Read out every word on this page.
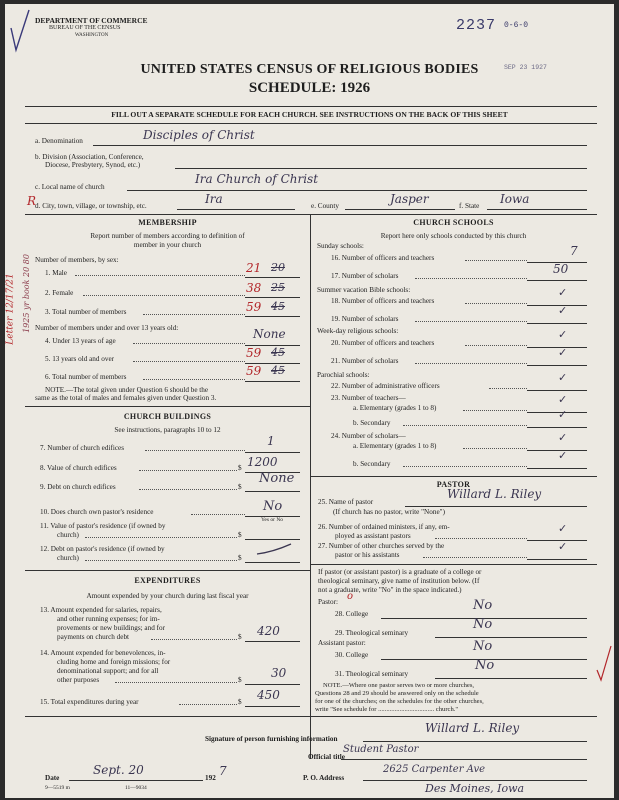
DEPARTMENT OF COMMERCE
BUREAU OF THE CENSUS
WASHINGTON
2237 0-6-0
SEP 23 1927
UNITED STATES CENSUS OF RELIGIOUS BODIES
SCHEDULE: 1926
FILL OUT A SEPARATE SCHEDULE FOR EACH CHURCH. SEE INSTRUCTIONS ON THE BACK OF THIS SHEET
a. Denomination	Disciples of Christ
b. Division (Association, Conference,
Diocese, Presbytery, Synod, etc.)
c. Local name of church
Ira Church of Christ
R
d. City, town, village, or township, etc.	Ira	e. County	Jasper	f. State Iowa
MEMBERSHIP
Report number of members according to definition of
member in your church
Number of members, by sex:
1. Male	21 20
2. Female	38 25
3. Total number of members	59 45
Number of members under and over 13 years old:
4. Under 13 years of age	None
5. 13 years old and over	59 45
6. Total number of members	59 45
NOTE.—The total given under Question 6 should be the
same as the total of males and females given under Question 3.
Letter 12/17/21 1925 yr book 20 80
CHURCH BUILDINGS
See instructions, paragraphs 10 to 12
7. Number of church edifices	1
8. Value of church edifices	$ 1200
9. Debt on church edifices	$
None
10. Does church own pastor's residence	No
Yes or No
11. Value of pastor's residence (if owned by
church)	$
12. Debt on pastor's residence (if owned by
church)	$
EXPENDITURES
Amount expended by your church during last fiscal year
13. Amount expended for salaries, repairs,
and other running expenses; for im-
provements or new buildings; and for
payments on church debt	$ 420
14. Amount expended for benevolences, in-
cluding home and foreign missions; for
denominational support; and for all
other purposes	$ 30
15. Total expenditures during year	$ 450
CHURCH SCHOOLS
Report here only schools conducted by this church
Sunday schools:
16. Number of officers and teachers	7
17. Number of scholars	50
Summer vacation Bible schools:
18. Number of officers and teachers
✓
19. Number of scholars
✓
Week-day religious schools:
20. Number of officers and teachers
✓
21. Number of scholars
✓
Parochial schools:
22. Number of administrative officers
✓
23. Number of teachers—
a. Elementary (grades 1 to 8)
✓
b. Secondary
✓
24. Number of scholars—
a. Elementary (grades 1 to 8)
✓
b. Secondary
✓
PASTOR
25. Name of pastor
Willard L. Riley
(If church has no pastor, write "None")
26. Number of ordained ministers, if any, em-
ployed as assistant pastors
✓
27. Number of other churches served by the
pastor or his assistants
✓
If pastor (or assistant pastor) is a graduate of a college or
theological seminary, give name of institution below. (If
not a graduate, write "No" in the space indicated.)
Pastor: o
28. College
No
29. Theological seminary
No
Assistant pastor:
30. College
No
31. Theological seminary
No
NOTE.—Where one pastor serves two or more churches,
Questions 28 and 29 should be answered only on the schedule
for one of the churches; on the schedules for the other churches,
write "See schedule for .................................. church."
Signature of person furnishing information
Willard L. Riley
Official title
Student Pastor
Date
Sept. 20
192 7	P. O. Address
2625 Carpenter Ave
Des Moines, Iowa
9—5519 m	11—9034
